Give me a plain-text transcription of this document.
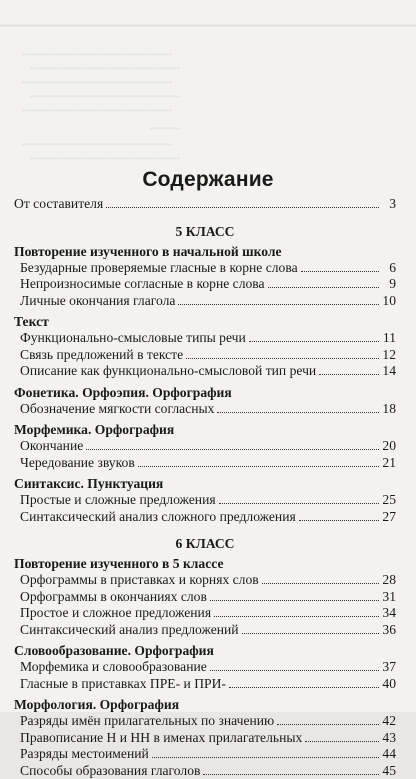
..................................................
..................................................
..................................................
..................................................
..................................................
..........
..................................................
..................................................
Содержание
От составителя	3
5 КЛАСС
Повторение изученного в начальной школе
Безударные проверяемые гласные в корне слова	6
Непроизносимые согласные в корне слова	9
Личные окончания глагола	10
Текст
Функционально-смысловые типы речи	11
Связь предложений в тексте	12
Описание как функционально-смысловой тип речи	14
Фонетика. Орфоэпия. Орфография
Обозначение мягкости согласных	18
Морфемика. Орфография
Окончание	20
Чередование звуков	21
Синтаксис. Пунктуация
Простые и сложные предложения	25
Синтаксический анализ сложного предложения	27
6 КЛАСС
Повторение изученного в 5 классе
Орфограммы в приставках и корнях слов	28
Орфограммы в окончаниях слов	31
Простое и сложное предложения	34
Синтаксический анализ предложений	36
Словообразование. Орфография
Морфемика и словообразование	37
Гласные в приставках ПРЕ- и ПРИ-	40
Морфология. Орфография
Разряды имён прилагательных по значению	42
Правописание Н и НН в именах прилагательных	43
Разряды местоимений	44
Способы образования глаголов	45
